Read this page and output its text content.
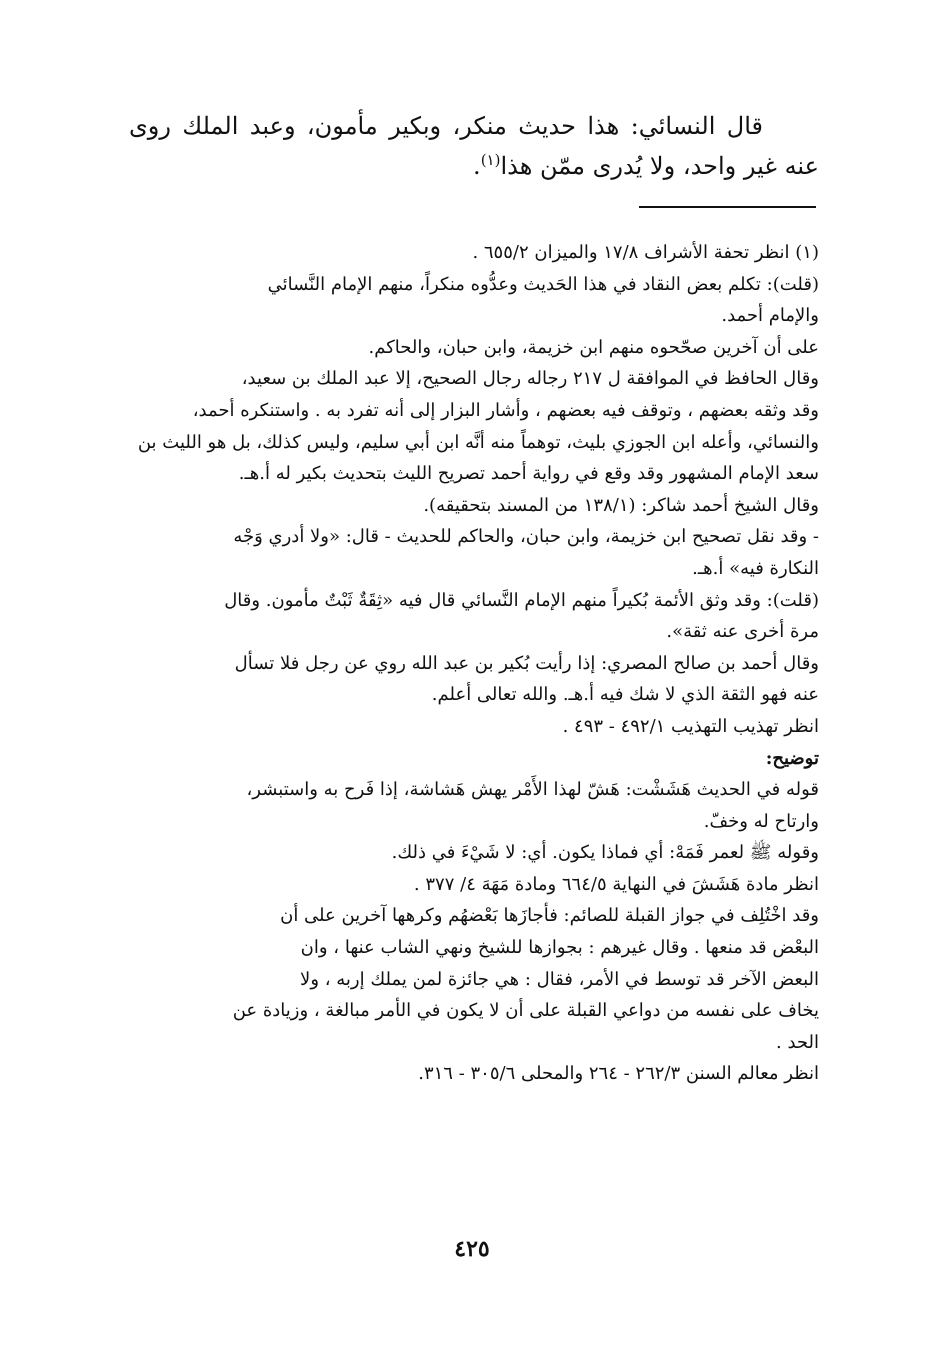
قال النسائي: هذا حديث منكر، وبكير مأمون، وعبد الملك روى عنه غير واحد، ولا يُدرى ممّن هذا$^{(١)}$.

(١) انظر تحفة الأشراف ١٧/٨ والميزان ٦٥٥/٢ .
(قلت): تكلم بعض النقاد في هذا الحَديث وعدُّوه منكراً، منهم الإمام النَّسائي
والإمام أحمد.
على أن آخرين صحّحوه منهم ابن خزيمة، وابن حبان، والحاكم.
وقال الحافظ في الموافقة ل ٢١٧ رجاله رجال الصحيح، إلا عبد الملك بن سعيد،
وقد وثقه بعضهم ، وتوقف فيه بعضهم ، وأشار البزار إلى أنه تفرد به . واستنكره أحمد،
والنسائي، وأعله ابن الجوزي بليث، توهماً منه أنَّه ابن أبي سليم، وليس كذلك، بل هو الليث بن
سعد الإمام المشهور وقد وقع في رواية أحمد تصريح الليث بتحديث بكير له أ.هـ.
وقال الشيخ أحمد شاكر: (١٣٨/١ من المسند بتحقيقه).
- وقد نقل تصحيح ابن خزيمة، وابن حبان، والحاكم للحديث - قال: «ولا أدري وَجْه
النكارة فيه» أ.هـ.
(قلت): وقد وثق الأئمة بُكيراً منهم الإمام النَّسائي قال فيه «ثِقَةٌ ثَبْتٌ مأمون. وقال
مرة أخرى عنه ثقة».
وقال أحمد بن صالح المصري: إذا رأيت بُكير بن عبد الله روي عن رجل فلا تسأل
عنه فهو الثقة الذي لا شك فيه أ.هـ. والله تعالى أعلم.
انظر تهذيب التهذيب ٤٩٢/١ - ٤٩٣ .
توضيح:
قوله في الحديث هَشَشْت: هَشّ لهذا الأَمْر يهش هَشاشة، إذا فَرح به واستبشر،
وارتاح له وخفّ.
وقوله ﷺ لعمر فَمَهْ: أي فماذا يكون. أي: لا شَيْءَ في ذلك.
انظر مادة هَشَشَ في النهاية ٦٦٤/٥ ومادة مَهَهَ ٤/ ٣٧٧ .
وقد اخْتُلِف في جواز القبلة للصائم: فأجازَها بَعْضهُم وكرهها آخرين على أن
البعْض قد منعها . وقال غيرهم : بجوازها للشيخ ونهي الشاب عنها ، وان
البعض الآخر قد توسط في الأمر، فقال : هي جائزة لمن يملك إربه ، ولا
يخاف على نفسه من دواعي القبلة على أن لا يكون في الأمر مبالغة ، وزيادة عن
الحد .
انظر معالم السنن ٢٦٢/٣ - ٢٦٤ والمحلى ٣٠٥/٦ - ٣١٦.
٤٢٥
